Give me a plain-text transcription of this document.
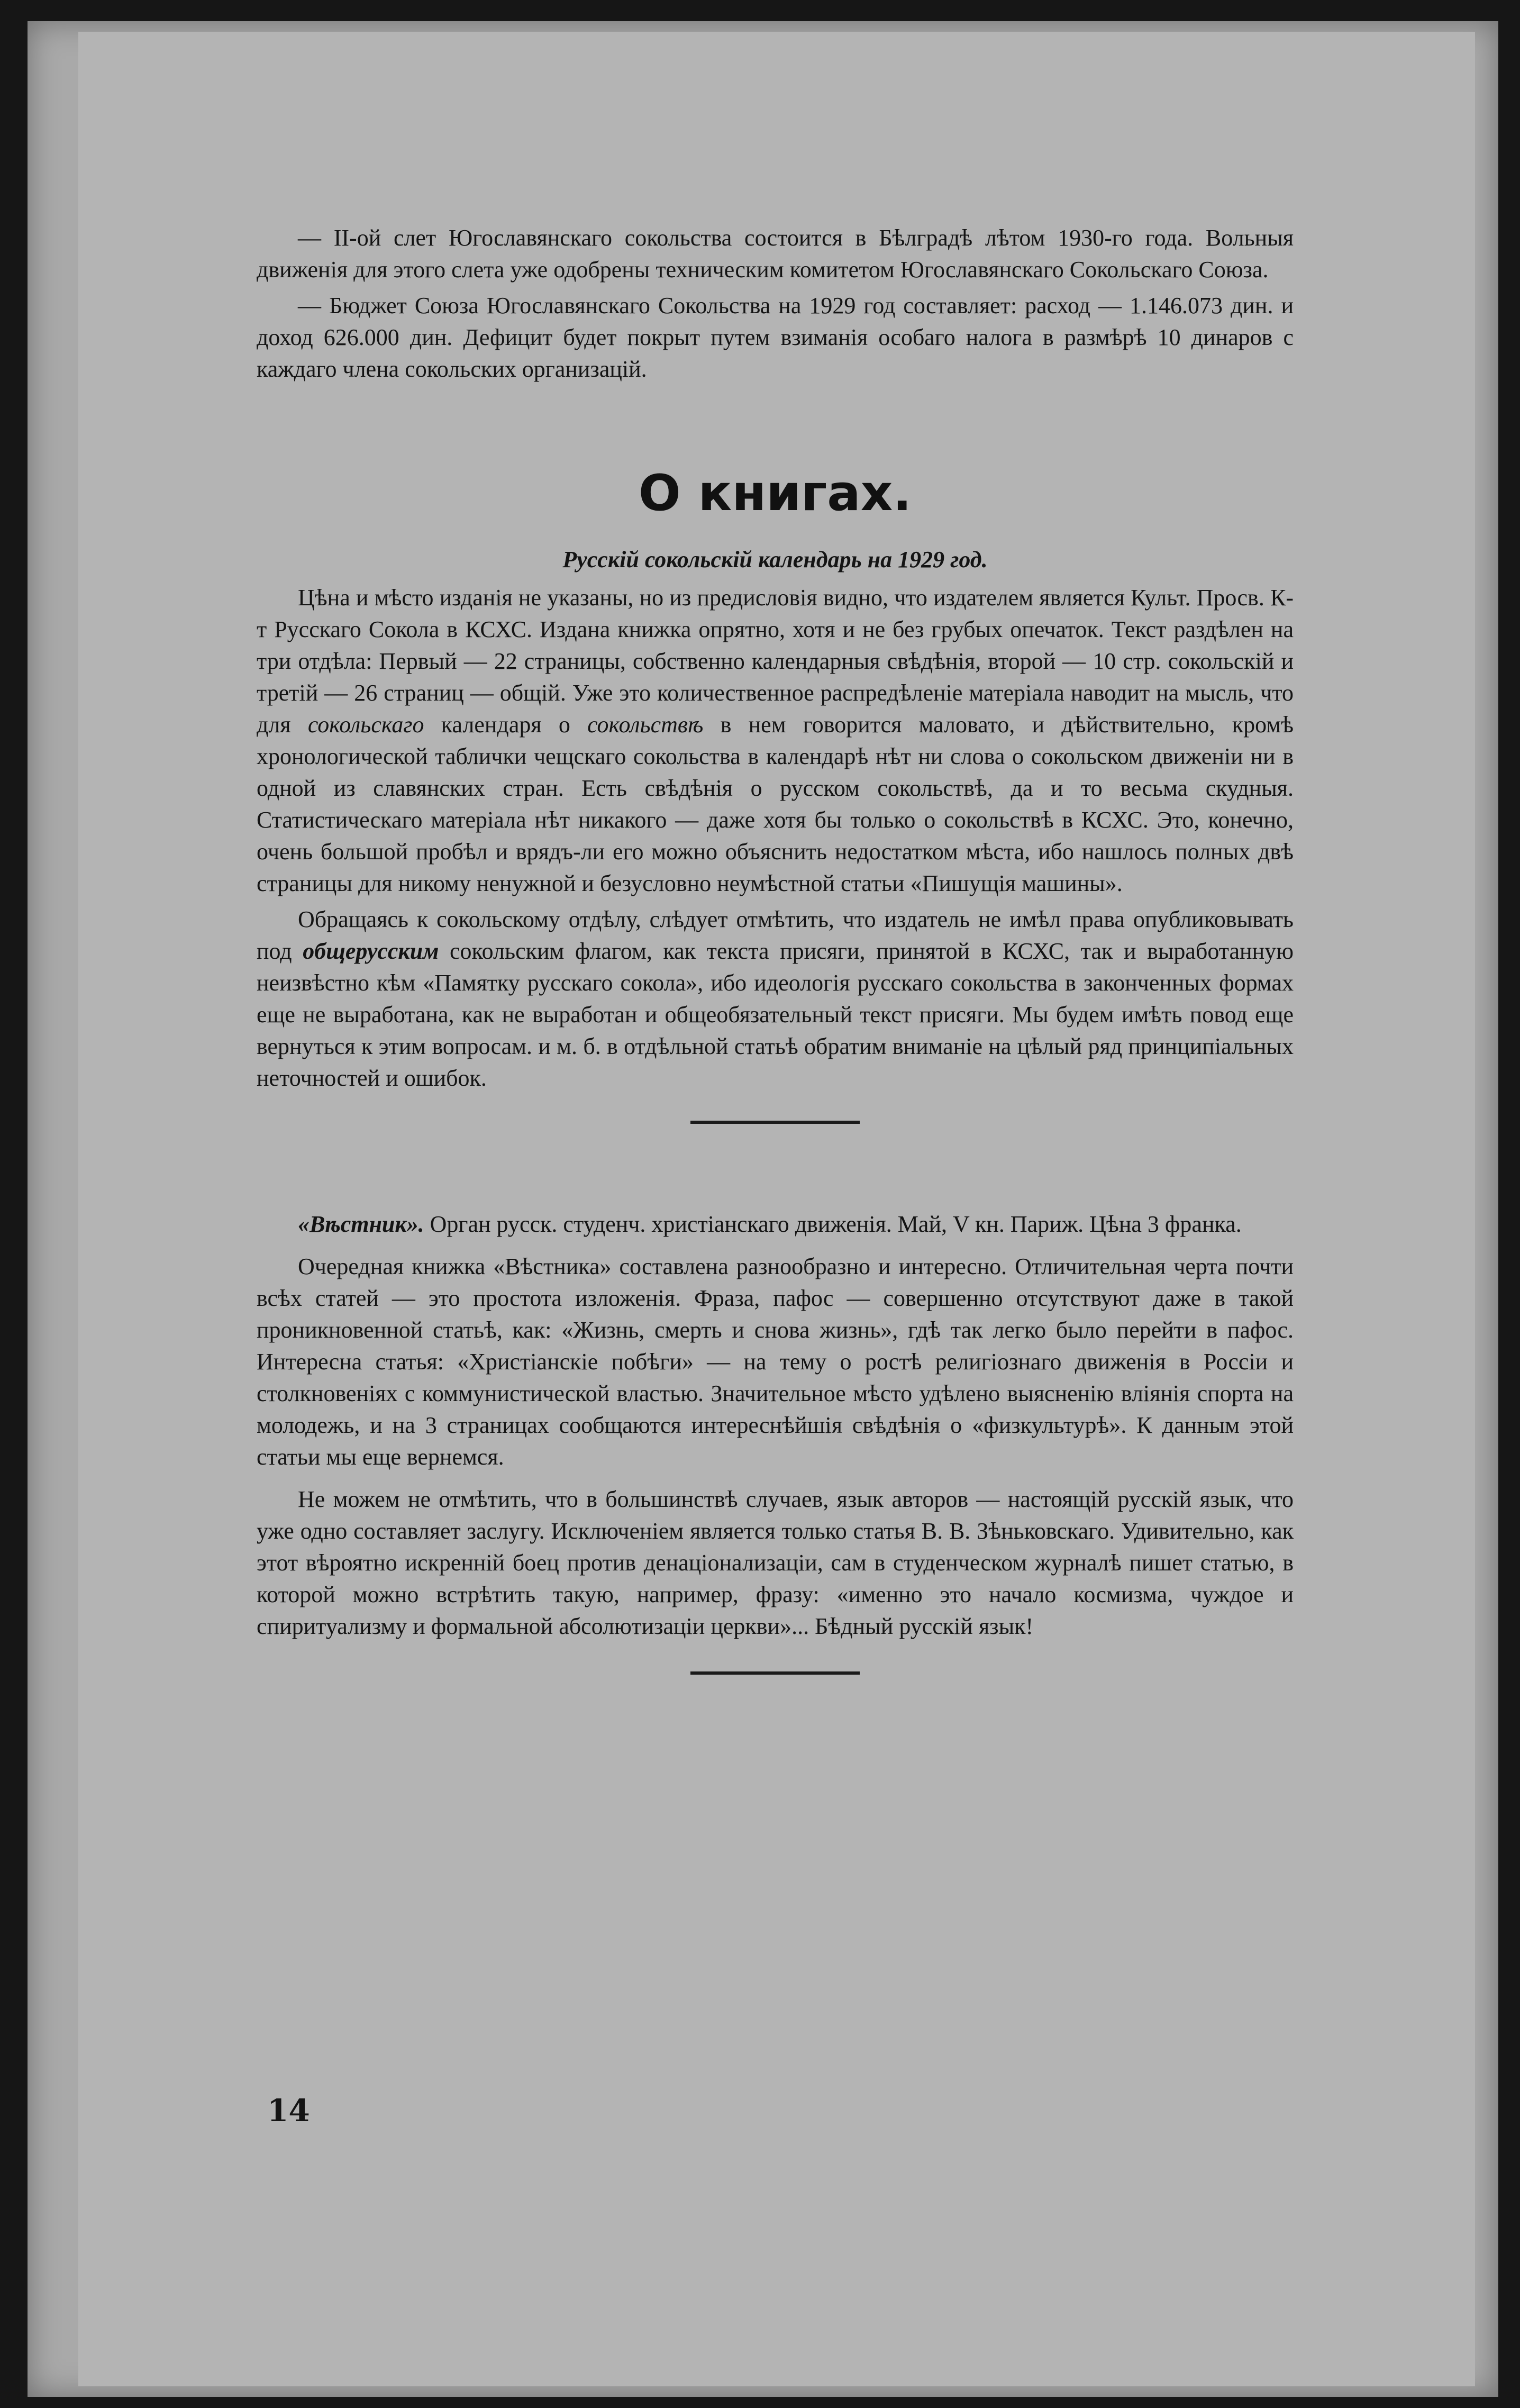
— II-ой слет Югославянскаго сокольства состоится в Бѣлградѣ лѣтом 1930-го года. Вольныя движенія для этого слета уже одобрены техническим комитетом Югославянскаго Сокольскаго Союза.

— Бюджет Союза Югославянскаго Сокольства на 1929 год составляет: расход — 1.146.073 дин. и доход 626.000 дин. Дефицит будет покрыт путем взиманія особаго налога в размѣрѣ 10 динаров с каждаго члена сокольских организацій.

О книгах.

Русскій сокольскій календарь на 1929 год.

Цѣна и мѣсто изданія не указаны, но из предисловія видно, что издателем является Культ. Просв. К-т Русскаго Сокола в КСХС. Издана книжка опрятно, хотя и не без грубых опечаток. Текст раздѣлен на три отдѣла: Первый — 22 страницы, собственно календарныя свѣдѣнія, второй — 10 стр. сокольскій и третій — 26 страниц — общій. Уже это количественное распредѣленіе матеріала наводит на мысль, что для сокольскаго календаря о сокольствѣ в нем говорится маловато, и дѣйствительно, кромѣ хронологической таблички чещскаго сокольства в календарѣ нѣт ни слова о сокольском движеніи ни в одной из славянских стран. Есть свѣдѣнія о русском сокольствѣ, да и то весьма скудныя. Статистическаго матеріала нѣт никакого — даже хотя бы только о сокольствѣ в КСХС. Это, конечно, очень большой пробѣл и врядъ-ли его можно объяснить недостатком мѣста, ибо нашлось полных двѣ страницы для никому ненужной и безусловно неумѣстной статьи «Пишущія машины».

Обращаясь к сокольскому отдѣлу, слѣдует отмѣтить, что издатель не имѣл права опубликовывать под общерусским сокольским флагом, как текста присяги, принятой в КСХС, так и выработанную неизвѣстно кѣм «Памятку русскаго сокола», ибо идеологія русскаго сокольства в законченных формах еще не выработана, как не выработан и общеобязательный текст присяги. Мы будем имѣть повод еще вернуться к этим вопросам. и м. б. в отдѣльной статьѣ обратим вниманіе на цѣлый ряд принципіальных неточностей и ошибок.

«Вѣстник». Орган русск. студенч. христіанскаго движенія. Май, V кн. Париж. Цѣна 3 франка.

Очередная книжка «Вѣстника» составлена разнообразно и интересно. Отличительная черта почти всѣх статей — это простота изложенія. Фраза, пафос — совершенно отсутствуют даже в такой проникновенной статьѣ, как: «Жизнь, смерть и снова жизнь», гдѣ так легко было перейти в пафос. Интересна статья: «Христіанскіе побѣги» — на тему о ростѣ религіознаго движенія в Россіи и столкновеніях с коммунистической властью. Значительное мѣсто удѣлено выясненію вліянія спорта на молодежь, и на 3 страницах сообщаются интереснѣйшія свѣдѣнія о «физкультурѣ». К данным этой статьи мы еще вернемся.

Не можем не отмѣтить, что в большинствѣ случаев, язык авторов — настоящій русскій язык, что уже одно составляет заслугу. Исключеніем является только статья В. В. Зѣньковскаго. Удивительно, как этот вѣроятно искренній боец против денаціонализаціи, сам в студенческом журналѣ пишет статью, в которой можно встрѣтить такую, например, фразу: «именно это начало космизма, чуждое и спиритуализму и формальной абсолютизаціи церкви»... Бѣдный русскій язык!

14
